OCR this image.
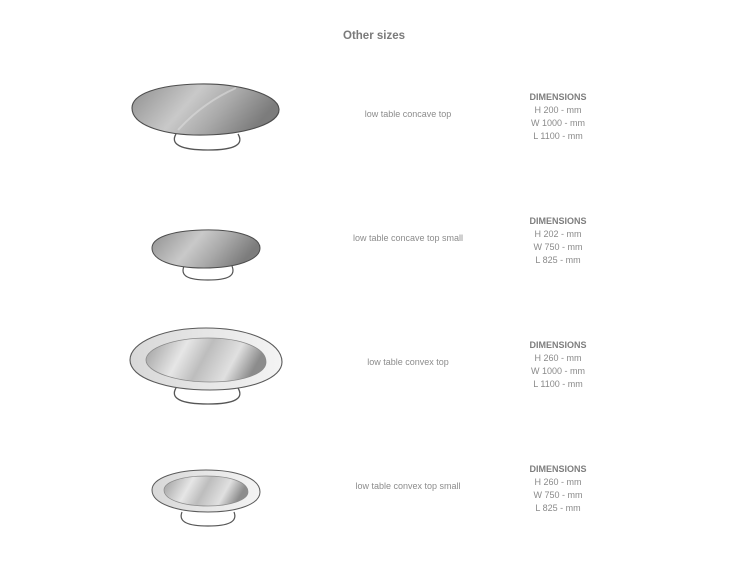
Other sizes
low table concave top
DIMENSIONS
H 200 - mm
W 1000 - mm
L 1100 - mm
low table concave top small
DIMENSIONS
H 202 - mm
W 750 - mm
L 825 - mm
low table convex top
DIMENSIONS
H 260 - mm
W 1000 - mm
L 1100 - mm
low table convex top small
DIMENSIONS
H 260 - mm
W 750 - mm
L 825 - mm
